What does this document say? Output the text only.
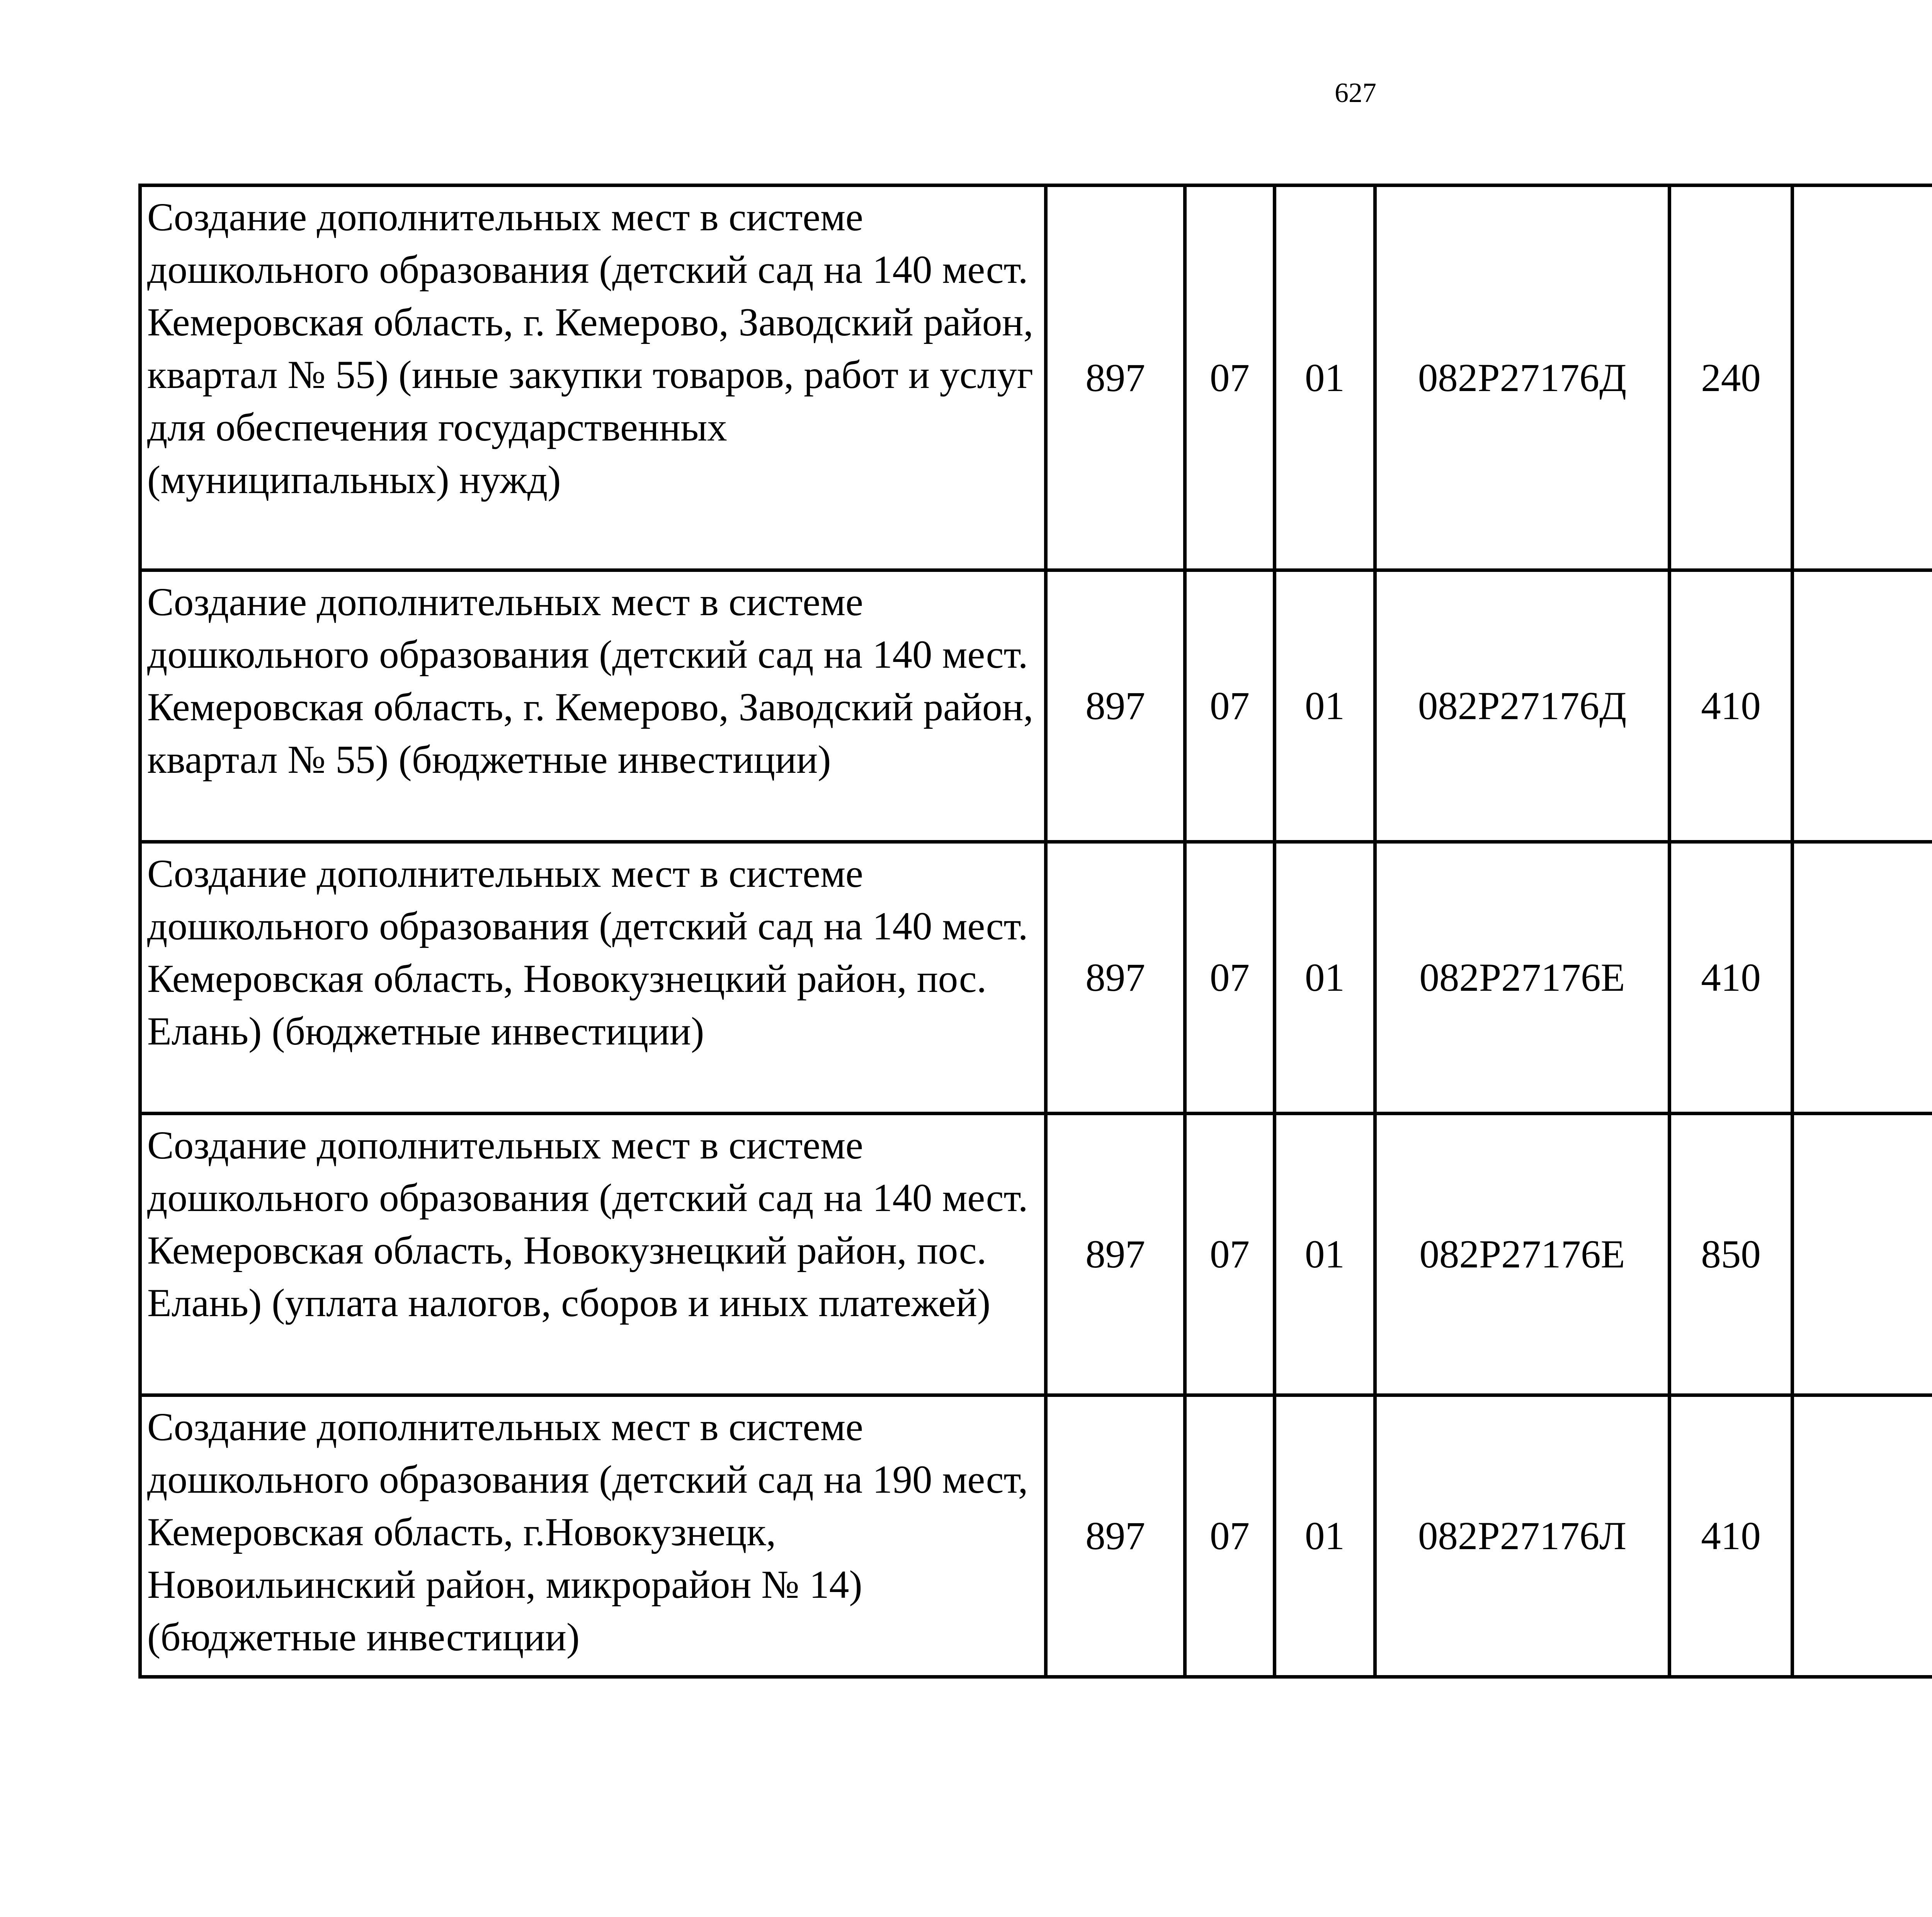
627
Создание дополнительных мест в системе дошкольного образования (детский сад на 140 мест. Кемеровская область, г. Кемерово, Заводский район, квартал № 55) (иные закупки товаров, работ и услуг для обеспечения государственных (муниципальных) нужд)	897	07	01	082P27176Д	240			
Создание дополнительных мест в системе дошкольного образования (детский сад на 140 мест. Кемеровская область, г. Кемерово, Заводский район, квартал № 55) (бюджетные инвестиции)	897	07	01	082P27176Д	410			
Создание дополнительных мест в системе дошкольного образования (детский сад на 140 мест. Кемеровская область, Новокузнецкий район, пос. Елань) (бюджетные инвестиции)	897	07	01	082P27176Е	410			
Создание дополнительных мест в системе дошкольного образования (детский сад на 140 мест. Кемеровская область, Новокузнецкий район, пос. Елань) (уплата налогов, сборов и иных платежей)	897	07	01	082P27176Е	850			
Создание дополнительных мест в системе дошкольного образования (детский сад на 190 мест, Кемеровская область, г.Новокузнецк, Новоильинский район, микрорайон № 14) (бюджетные инвестиции)	897	07	01	082P27176Л	410			
